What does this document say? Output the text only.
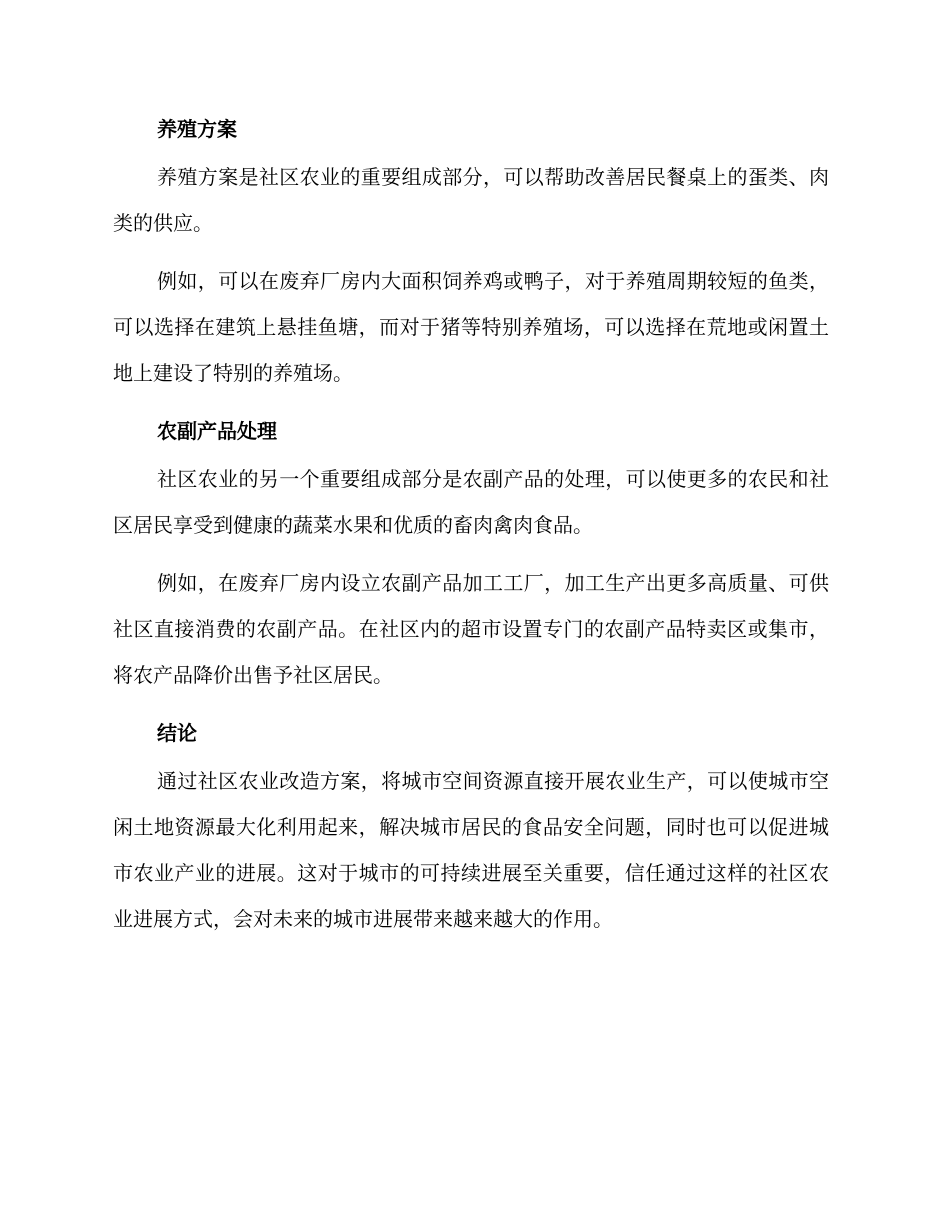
养殖方案

养殖方案是社区农业的重要组成部分，可以帮助改善居民餐桌上的蛋类、肉类的供应。

例如，可以在废弃厂房内大面积饲养鸡或鸭子，对于养殖周期较短的鱼类，可以选择在建筑上悬挂鱼塘，而对于猪等特别养殖场，可以选择在荒地或闲置土地上建设了特别的养殖场。

农副产品处理

社区农业的另一个重要组成部分是农副产品的处理，可以使更多的农民和社区居民享受到健康的蔬菜水果和优质的畜肉禽肉食品。

例如，在废弃厂房内设立农副产品加工工厂，加工生产出更多高质量、可供社区直接消费的农副产品。在社区内的超市设置专门的农副产品特卖区或集市，将农产品降价出售予社区居民。

结论

通过社区农业改造方案，将城市空间资源直接开展农业生产，可以使城市空闲土地资源最大化利用起来，解决城市居民的食品安全问题，同时也可以促进城市农业产业的进展。这对于城市的可持续进展至关重要，信任通过这样的社区农业进展方式，会对未来的城市进展带来越来越大的作用。
